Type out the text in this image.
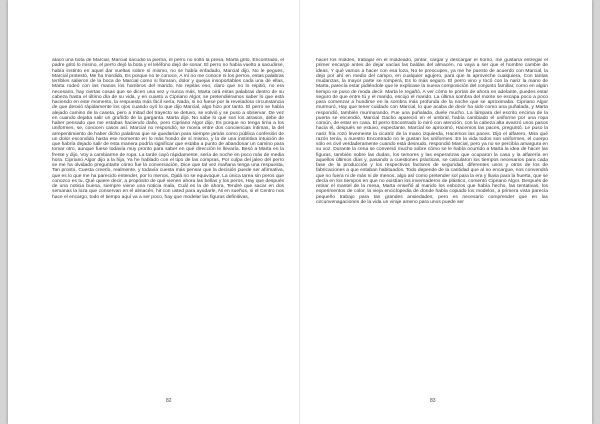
atacó una bota de Marcial, Marcial sacudió la pierna, el perro no soltó la presa, Marta gritó, Encontrado, el padre gritó lo mismo, el perro dejó la bota y el teléfono dejó de sonar. El perro no había vuelto a sacudirse, había instinto en aquel dar vueltas sobre sí mismo, no se había enfadado, Marcial dijo, No le pegues, Marcial protestó, Me ha mordido, Es porque no te conoce, A mí no me conoce ni los perros, estas palabras terribles salieron de la boca de Marcial como si lloraran, dolor y quejas insoportables cada una de ellas, Marta rodeó con las manos los hombros del marido, No repitas eso, claro que no lo repitió, no era necesario, hay ciertas cosas que se dicen una vez y nunca más, Marta oirá estas palabras dentro de su cabeza hasta el último día de su vida, y en cuanto a Cipriano Algor, se pretendiéramos saber lo que está haciendo en este momento, la respuesta más fácil sería, Nada, si no fuese por la reveladora circunstancia de que desvió rápidamente los ojos cuando oyó lo que dijo Marcial, algo hizo por tanto. El perro se había alejado camino de la caseta, pero a mitad del trayecto se detuvo, se volvió y se puso a observar. De vez en cuando dejaba salir un gruñido de la garganta. Marta dijo, No sabe lo que son los atrasos, debe de haber pensado que me estabas haciendo daño, pero Cipriano Algor dijo, Es porque no tenga tirria a los uniformes, se, conocen casos así. Marcial no respondió, se movía entre dos conciencias íntimas, la del arrepentimiento de haber dicho palabras que se quedarían para siempre jamás como pública confesión de un dolor escondido hasta ese momento en lo más hondo de sí mismo, y la de una instintiva intuición de que habría dejado salir de esta manera podría significar que estaba a punto de abandonar un camino para tomar otro, aunque fuese todavía muy pronto para saber en qué dirección le llevaría. Besó a Marta en la frente y dijo, Voy a cambiarme de ropa. La tarde cayó rápidamente, sería de noche en poco más de media hora. Cipriano Algor dijo a la hija, Ya he hablado con el tipo de las compras, Por culpa del jaleo del perro se me ha olvidado preguntarte cómo fue la conversación, Dice que tal vez mañana tenga una respuesta, Tan pronto, Cuesta creerlo, realmente, y todavía cuesta más pensar que la decisión puede ser afirmativa, que es lo que me ha parecido entender, por lo menos, Ojalá no se equivoque, La única tarea sin peros que conozco es tu, Qué quiere decir, a propósito de qué vienen ahora las bellas y los peros, Hay que después de una noticia buena, siempre viene una noticia mala, Cuál es la de ahora, Tendré que sacar en dos semanas la loza que conservan en el almacén, hit con usted para ayudarle, Ni en sueños, si el Centro nos hace el encargo, todo el tiempo aquí va a ser poco, hay que modelar las figuras definitivas,
82
hacer los moldes, trabajar en el moldeado, pintar, cargar y descargar el horno, me gustaría entregar el primer encargo antes de dejar vacías las baldas del almacén, no vaya a ser que el hombre cambie de ideas, Y qué vamos a hacer con esa loza, No te preocupes, ya me he puesto de acuerdo con Marcial, la dejo por ahí en medio del campo, en cualquier agujero, para que la aproveche cualquiera, Con tantas mudanzas, la mayor parte se romperá, Es lo más seguro. El perro vino y tocó con la nariz la mano de Marta, parecía estar pidiéndole que le explicase la nueva composición del conjunto familiar, como en algún tiempo se puso de moda decir. Marta le regañó, A ver cómo te portas de ahora en adelante, puedes estar seguro de que entre tú y el marido, escojo el marido. La última sombra del monte se escapa poco a poco para comenzar a hundirse en la sombra más profunda de la noche que se aproximaba. Cipriano Algor murmuró, Hay que tener cuidado con Marcial, lo que acaba de decir ha sido como una puñalada, y Marta respondió, también murmurando, Fue una puñalada, duele mucho. La lámpara del escrito encima de la puerta se encendió, Marcial Gacho apareció en el umbral, había cambiado el uniforme por una ropa común, de estar en casa. El perro Encontrado lo miró con atención, con la cabeza alta avanzó unos pasos hacia él, después se estuvo, expectante. Marcial se aproximó, Hacemos las paces, preguntó. Le puso la nariz fría rozó levemente la cicatriz de la mano izquierda, Hacemos las paces. Dijo el alfarero, Mira qué razón tenía, a nuestro Encontrado no le gustan los uniformes. En la vida todos son uniformes, el cuerpo sólo es civil verdaderamente cuando está desnudo, respondió Marcial, pero ya no se percibía amargura en su voz. Durante la cena se conversó mucho sobre cómo se le había ocurrido a Marta la idea de hacer las figuras, también sobre las dudas, los temores y las esperanzas que ocuparon la casa y la alfarería en aquellos últimos días y, pasando a cuestiones prácticas, se calcularon los tiempos necesarios para cada fase de la producción y los respectivos factores de seguridad, diferentes unos y otros de los de fabricaciones a que estaban habituados. Todo depende de la cantidad que al no encargue, nos convendrá que no fuera ni de más ni de menos, algo así como pretender sol para la era y lluvia para la huerta, que se decía en los tiempos en que no existían los invernaderos de plástico, comentó Cipriano Algor. Después de retirar el mantel de la mesa, Marta enseñó al marido los esbozos que había hecho, las tentativas, los experimentos de color, la vieja enciclopedia de donde había copiado los modelos, a primera vista parecía pequeño trabajo para tan grandes ansiedades, pero es necesario comprender que en las circunvenagaciones de la vida un viraje ameno para unos puede ser
83
